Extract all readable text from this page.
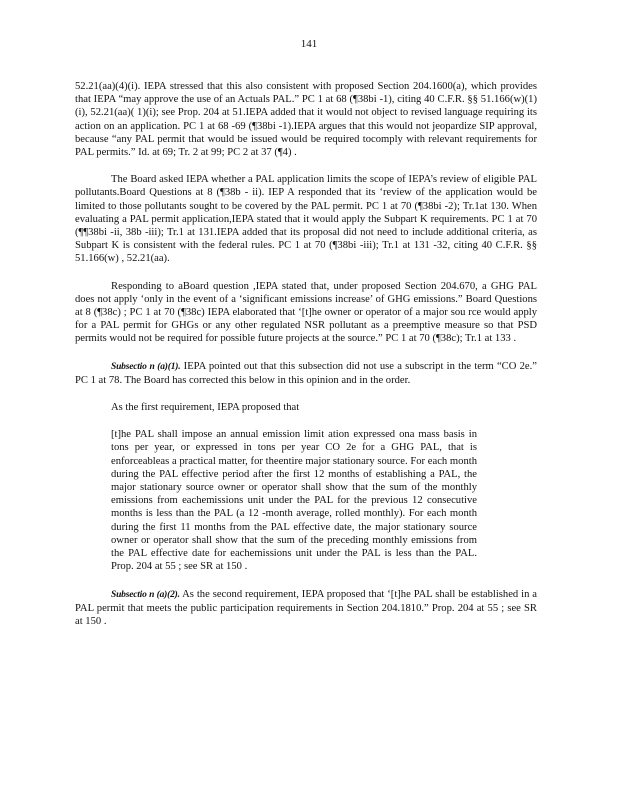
141

52.21(aa)(4)(i). IEPA stressed that this also consistent with proposed Section 204.1600(a), which provides that IEPA “may approve the use of an Actuals PAL.” PC 1 at 68 (¶38bi -1), citing 40 C.F.R. §§ 51.166(w)(1)(i), 52.21(aa)( 1)(i); see Prop. 204 at 51.IEPA added that it would not object to revised language requiring its action on an application. PC 1 at 68 -69 (¶38bi -1).IEPA argues that this would not jeopardize SIP approval, because “any PAL permit that would be issued would be required tocomply with relevant requirements for PAL permits.” Id. at 69; Tr. 2 at 99; PC 2 at 37 (¶4) .

The Board asked IEPA whether a PAL application limits the scope of IEPA’s review of eligible PAL pollutants.Board Questions at 8 (¶38b - ii). IEP A responded that its ‘review of the application would be limited to those pollutants sought to be covered by the PAL permit. PC 1 at 70 (¶38bi -2); Tr.1at 130. When evaluating a PAL permit application,IEPA stated that it would apply the Subpart K requirements. PC 1 at 70 (¶¶38bi -ii, 38b -iii); Tr.1 at 131.IEPA added that its proposal did not need to include additional criteria, as Subpart K is consistent with the federal rules. PC 1 at 70 (¶38bi -iii); Tr.1 at 131 -32, citing 40 C.F.R. §§ 51.166(w) , 52.21(aa).

Responding to aBoard question ,IEPA stated that, under proposed Section 204.670, a GHG PAL does not apply ‘only in the event of a ‘significant emissions increase’ of GHG emissions.” Board Questions at 8 (¶38c) ; PC 1 at 70 (¶38c) IEPA elaborated that ‘[t]he owner or operator of a major sou rce would apply for a PAL permit for GHGs or any other regulated NSR pollutant as a preemptive measure so that PSD permits would not be required for possible future projects at the source.” PC 1 at 70 (¶38c); Tr.1 at 133 .

Subsectio n (a)(1). IEPA pointed out that this subsection did not use a subscript in the term “CO 2e.” PC 1 at 78. The Board has corrected this below in this opinion and in the order.

As the first requirement, IEPA proposed that

[t]he PAL shall impose an annual emission limit ation expressed ona mass basis in tons per year, or expressed in tons per year CO 2e for a GHG PAL, that is enforceableas a practical matter, for theentire major stationary source. For each month during the PAL effective period after the first 12 months of establishing a PAL, the major stationary source owner or operator shall show that the sum of the monthly emissions from eachemissions unit under the PAL for the previous 12 consecutive months is less than the PAL (a 12 -month average, rolled monthly). For each month during the first 11 months from the PAL effective date, the major stationary source owner or operator shall show that the sum of the preceding monthly emissions from the PAL effective date for eachemissions unit under the PAL is less than the PAL. Prop. 204 at 55 ; see SR at 150 .

Subsectio n (a)(2). As the second requirement, IEPA proposed that ‘[t]he PAL shall be established in a PAL permit that meets the public participation requirements in Section 204.1810.” Prop. 204 at 55 ; see SR at 150 .
